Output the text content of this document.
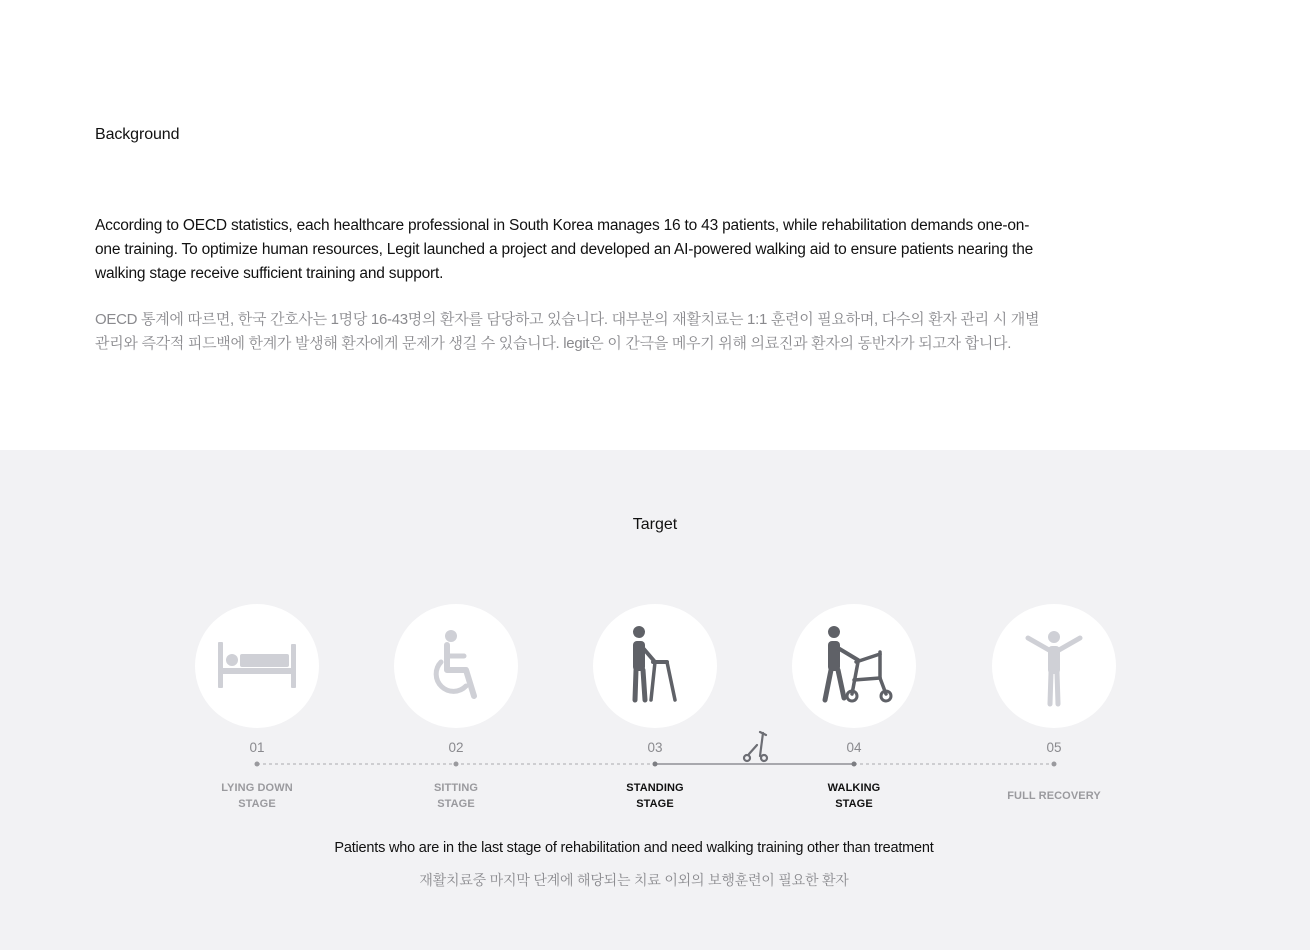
Background
According to OECD statistics, each healthcare professional in South Korea manages 16 to 43 patients, while rehabilitation demands one-on-one training. To optimize human resources, Legit launched a project and developed an AI-powered walking aid to ensure patients nearing the walking stage receive sufficient training and support.
OECD 통계에 따르면, 한국 간호사는 1명당 16-43명의 환자를 담당하고 있습니다. 대부분의 재활치료는 1:1 훈련이 필요하며, 다수의 환자 관리 시 개별 관리와 즉각적 피드백에 한계가 발생해 환자에게 문제가 생길 수 있습니다. legit은 이 간극을 메우기 위해 의료진과 환자의 동반자가 되고자 합니다.
Target
01
LYING DOWN
STAGE
02
SITTING
STAGE
03
STANDING
STAGE
04
WALKING
STAGE
05
FULL RECOVERY
Patients who are in the last stage of rehabilitation and need walking training other than treatment
재활치료중 마지막 단계에 해당되는 치료 이외의 보행훈련이 필요한 환자
